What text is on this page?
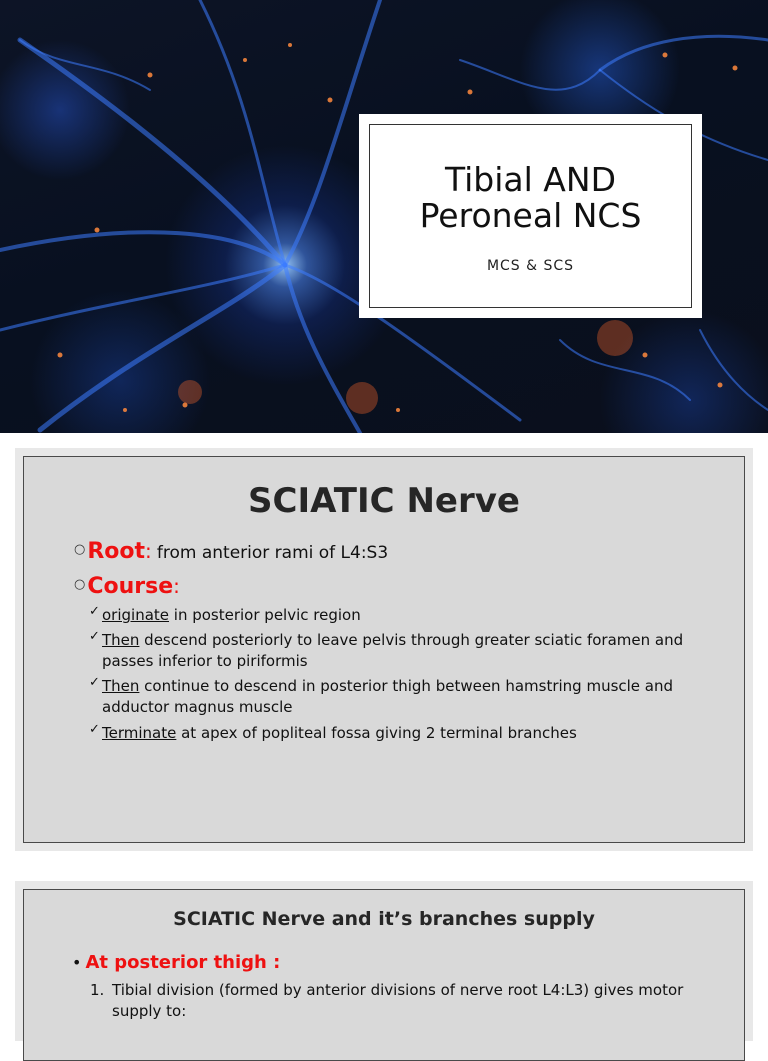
Tibial AND Peroneal NCS
MCS & SCS
SCIATIC Nerve
○Root: from anterior rami of L4:S3
○Course:
✓ originate in posterior pelvic region
✓ Then descend posteriorly to leave pelvis through greater sciatic foramen and passes inferior to piriformis
✓ Then continue to descend in posterior thigh between hamstring muscle and adductor magnus muscle
✓ Terminate at apex of popliteal fossa giving 2 terminal branches
SCIATIC Nerve and it’s branches supply
• At posterior thigh :
1. Tibial division (formed by anterior divisions of nerve root L4:L3) gives motor supply to:
